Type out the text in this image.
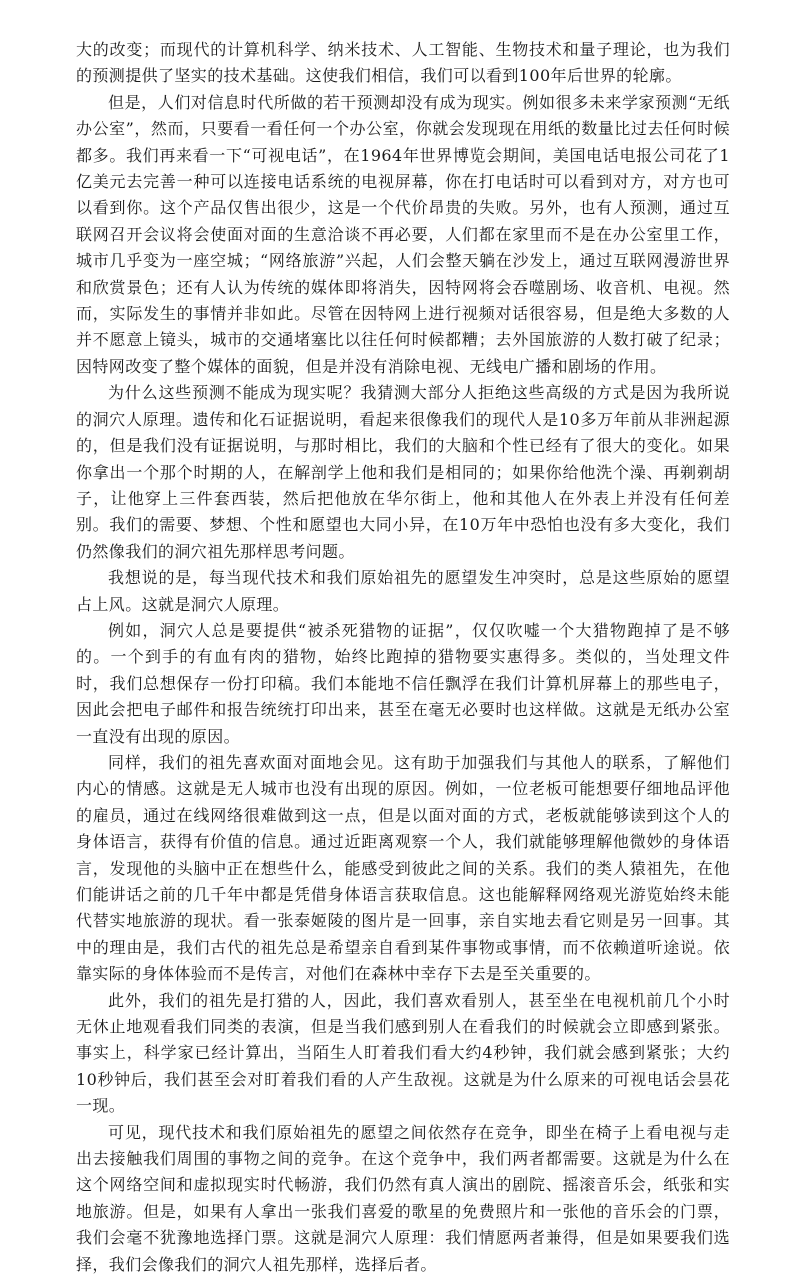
大的改变；而现代的计算机科学、纳米技术、人工智能、生物技术和量子理论，也为我们的预测提供了坚实的技术基础。这使我们相信，我们可以看到100年后世界的轮廓。

但是，人们对信息时代所做的若干预测却没有成为现实。例如很多未来学家预测“无纸办公室”，然而，只要看一看任何一个办公室，你就会发现现在用纸的数量比过去任何时候都多。我们再来看一下“可视电话”，在1964年世界博览会期间，美国电话电报公司花了1亿美元去完善一种可以连接电话系统的电视屏幕，你在打电话时可以看到对方，对方也可以看到你。这个产品仅售出很少，这是一个代价昂贵的失败。另外，也有人预测，通过互联网召开会议将会使面对面的生意洽谈不再必要，人们都在家里而不是在办公室里工作，城市几乎变为一座空城；“网络旅游”兴起，人们会整天躺在沙发上，通过互联网漫游世界和欣赏景色；还有人认为传统的媒体即将消失，因特网将会吞噬剧场、收音机、电视。然而，实际发生的事情并非如此。尽管在因特网上进行视频对话很容易，但是绝大多数的人并不愿意上镜头，城市的交通堵塞比以往任何时候都糟；去外国旅游的人数打破了纪录；因特网改变了整个媒体的面貌，但是并没有消除电视、无线电广播和剧场的作用。

为什么这些预测不能成为现实呢？我猜测大部分人拒绝这些高级的方式是因为我所说的洞穴人原理。遗传和化石证据说明，看起来很像我们的现代人是10多万年前从非洲起源的，但是我们没有证据说明，与那时相比，我们的大脑和个性已经有了很大的变化。如果你拿出一个那个时期的人，在解剖学上他和我们是相同的；如果你给他洗个澡、再剃剃胡子，让他穿上三件套西装，然后把他放在华尔街上，他和其他人在外表上并没有任何差别。我们的需要、梦想、个性和愿望也大同小异，在10万年中恐怕也没有多大变化，我们仍然像我们的洞穴祖先那样思考问题。

我想说的是，每当现代技术和我们原始祖先的愿望发生冲突时，总是这些原始的愿望占上风。这就是洞穴人原理。

例如，洞穴人总是要提供“被杀死猎物的证据”，仅仅吹嘘一个大猎物跑掉了是不够的。一个到手的有血有肉的猎物，始终比跑掉的猎物要实惠得多。类似的，当处理文件时，我们总想保存一份打印稿。我们本能地不信任飘浮在我们计算机屏幕上的那些电子，因此会把电子邮件和报告统统打印出来，甚至在毫无必要时也这样做。这就是无纸办公室一直没有出现的原因。

同样，我们的祖先喜欢面对面地会见。这有助于加强我们与其他人的联系，了解他们内心的情感。这就是无人城市也没有出现的原因。例如，一位老板可能想要仔细地品评他的雇员，通过在线网络很难做到这一点，但是以面对面的方式，老板就能够读到这个人的身体语言，获得有价值的信息。通过近距离观察一个人，我们就能够理解他微妙的身体语言，发现他的头脑中正在想些什么，能感受到彼此之间的关系。我们的类人猿祖先，在他们能讲话之前的几千年中都是凭借身体语言获取信息。这也能解释网络观光游览始终未能代替实地旅游的现状。看一张泰姬陵的图片是一回事，亲自实地去看它则是另一回事。其中的理由是，我们古代的祖先总是希望亲自看到某件事物或事情，而不依赖道听途说。依靠实际的身体体验而不是传言，对他们在森林中幸存下去是至关重要的。

此外，我们的祖先是打猎的人，因此，我们喜欢看别人，甚至坐在电视机前几个小时无休止地观看我们同类的表演，但是当我们感到别人在看我们的时候就会立即感到紧张。事实上，科学家已经计算出，当陌生人盯着我们看大约4秒钟，我们就会感到紧张；大约10秒钟后，我们甚至会对盯着我们看的人产生敌视。这就是为什么原来的可视电话会昙花一现。

可见，现代技术和我们原始祖先的愿望之间依然存在竞争，即坐在椅子上看电视与走出去接触我们周围的事物之间的竞争。在这个竞争中，我们两者都需要。这就是为什么在这个网络空间和虚拟现实时代畅游，我们仍然有真人演出的剧院、摇滚音乐会，纸张和实地旅游。但是，如果有人拿出一张我们喜爱的歌星的免费照片和一张他的音乐会的门票，我们会毫不犹豫地选择门票。这就是洞穴人原理：我们情愿两者兼得，但是如果要我们选择，我们会像我们的洞穴人祖先那样，选择后者。
